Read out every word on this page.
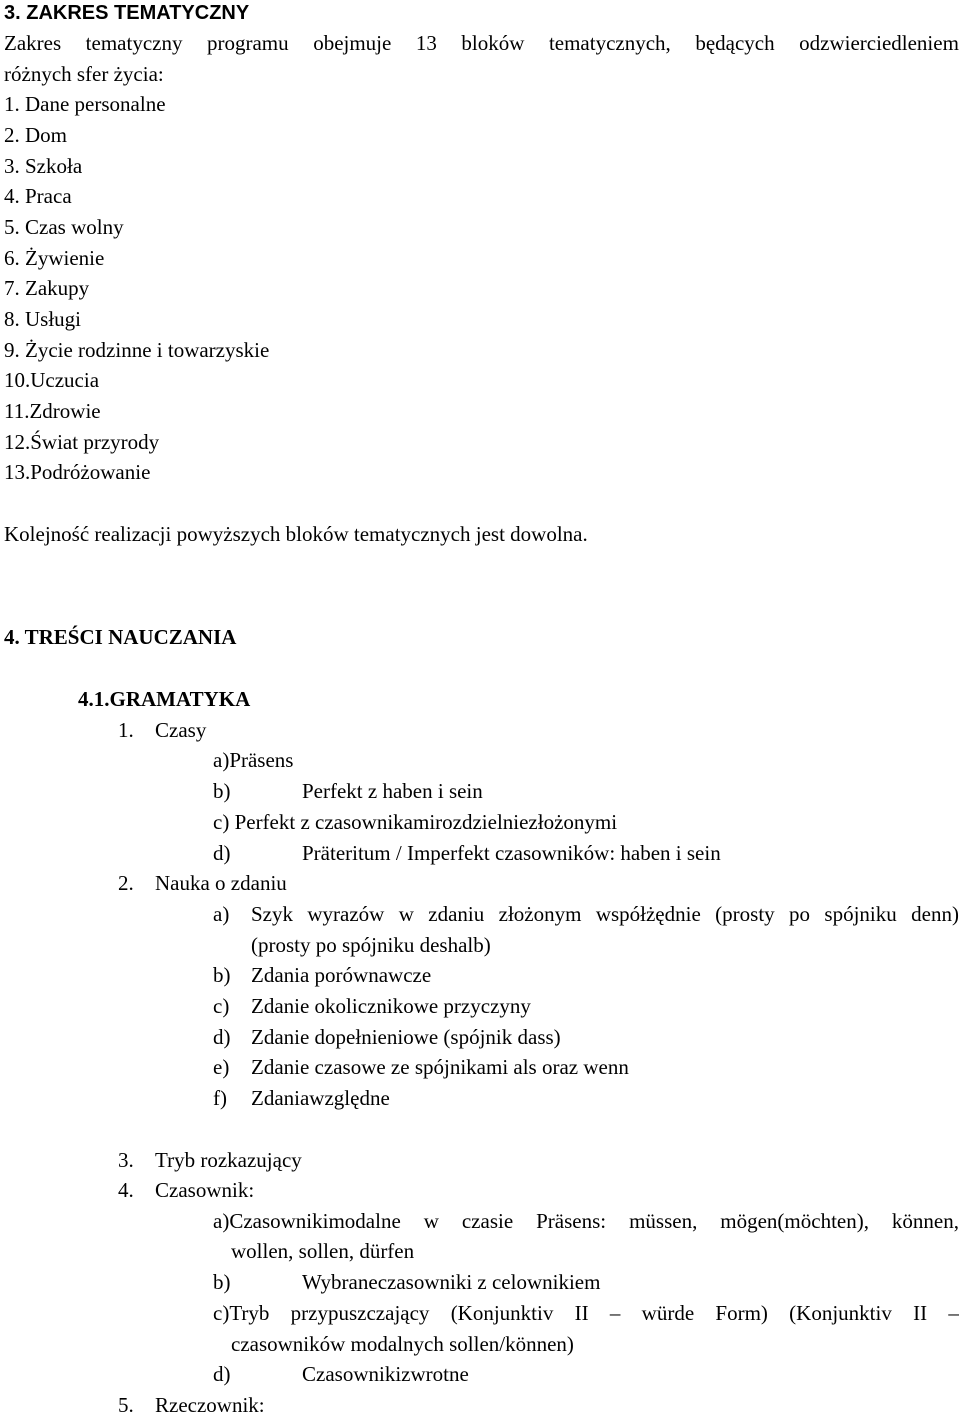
3. ZAKRES TEMATYCZNY
Zakres tematyczny programu obejmuje 13 bloków tematycznych, będących odzwierciedleniem
różnych sfer życia:
1. Dane personalne
2. Dom
3. Szkoła
4. Praca
5. Czas wolny
6. Żywienie
7. Zakupy
8. Usługi
9. Życie rodzinne i towarzyskie
10.Uczucia
11.Zdrowie
12.Świat przyrody
13.Podróżowanie
Kolejność realizacji powyższych bloków tematycznych jest dowolna.
4. TREŚCI NAUCZANIA
4.1.GRAMATYKA
1. Czasy
a)Präsens
b)	Perfekt z haben i sein
c) Perfekt z czasownikamirozdzielniezłożonymi
d)	Präteritum / Imperfekt czasowników: haben i sein
2. Nauka o zdaniu
a) Szyk wyrazów w zdaniu złożonym współżędnie (prosty po spójniku denn)
(prosty po spójniku deshalb)
b) Zdania porównawcze
c) Zdanie okolicznikowe przyczyny
d) Zdanie dopełnieniowe (spójnik dass)
e) Zdanie czasowe ze spójnikami als oraz wenn
f) Zdaniawzględne
3. Tryb rozkazujący
4. Czasownik:
a)Czasownikimodalne w czasie Präsens: müssen, mögen(möchten), können,
wollen, sollen, dürfen
b)	Wybraneczasowniki z celownikiem
c)Tryb przypuszczający (Konjunktiv II – würde Form) (Konjunktiv II –
czasowników modalnych sollen/können)
d)	Czasownikizwrotne
5. Rzeczownik:
